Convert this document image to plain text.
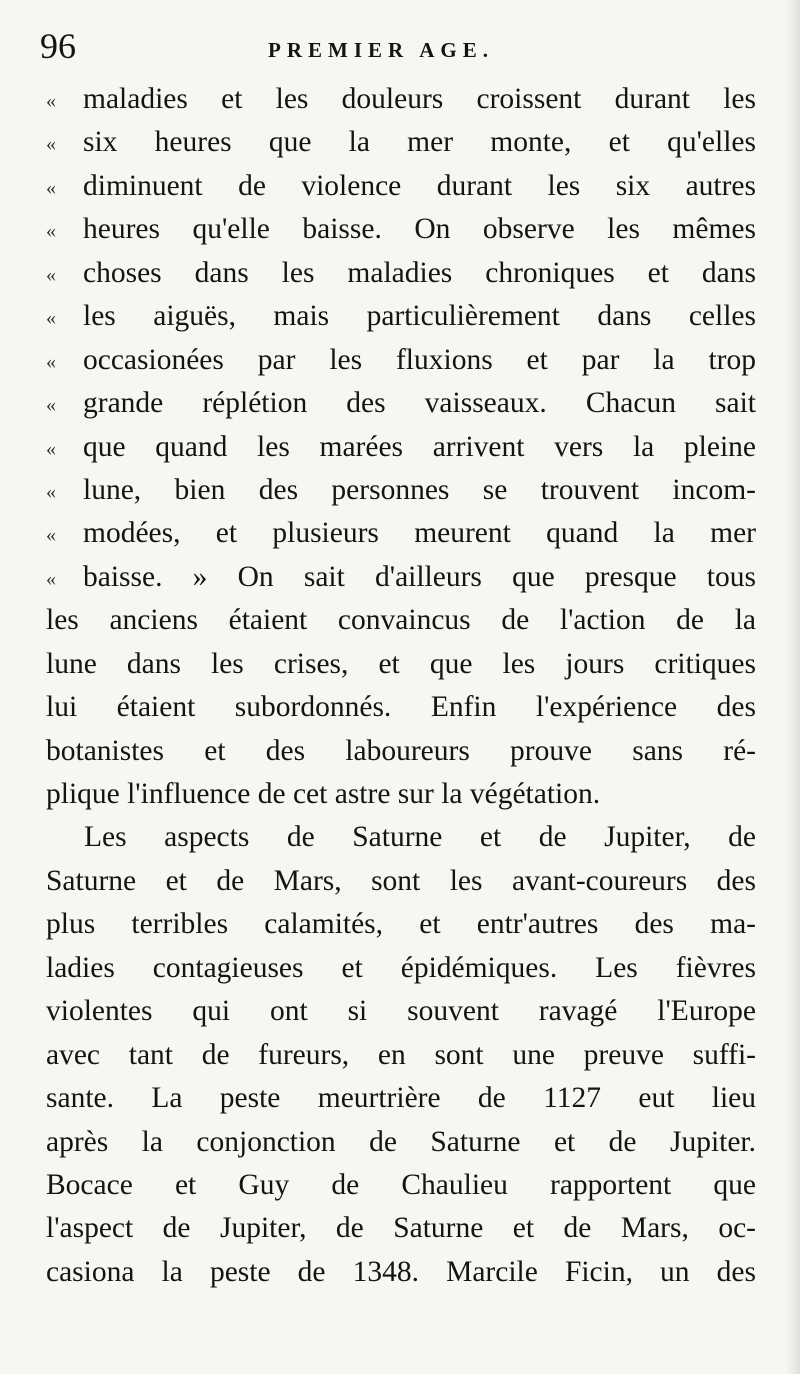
96	PREMIER AGE.
« maladies et les douleurs croissent durant les
« six heures que la mer monte, et qu'elles
« diminuent de violence durant les six autres
« heures qu'elle baisse. On observe les mêmes
« choses dans les maladies chroniques et dans
« les aiguës, mais particulièrement dans celles
« occasionées par les fluxions et par la trop
« grande réplétion des vaisseaux. Chacun sait
« que quand les marées arrivent vers la pleine
« lune, bien des personnes se trouvent incom-
« modées, et plusieurs meurent quand la mer
« baisse. » On sait d'ailleurs que presque tous
les anciens étaient convaincus de l'action de la
lune dans les crises, et que les jours critiques
lui étaient subordonnés. Enfin l'expérience des
botanistes et des laboureurs prouve sans ré-
plique l'influence de cet astre sur la végétation.
Les aspects de Saturne et de Jupiter, de
Saturne et de Mars, sont les avant-coureurs des
plus terribles calamités, et entr'autres des ma-
ladies contagieuses et épidémiques. Les fièvres
violentes qui ont si souvent ravagé l'Europe
avec tant de fureurs, en sont une preuve suffi-
sante. La peste meurtrière de 1127 eut lieu
après la conjonction de Saturne et de Jupiter.
Bocace et Guy de Chaulieu rapportent que
l'aspect de Jupiter, de Saturne et de Mars, oc-
casiona la peste de 1348. Marcile Ficin, un des
